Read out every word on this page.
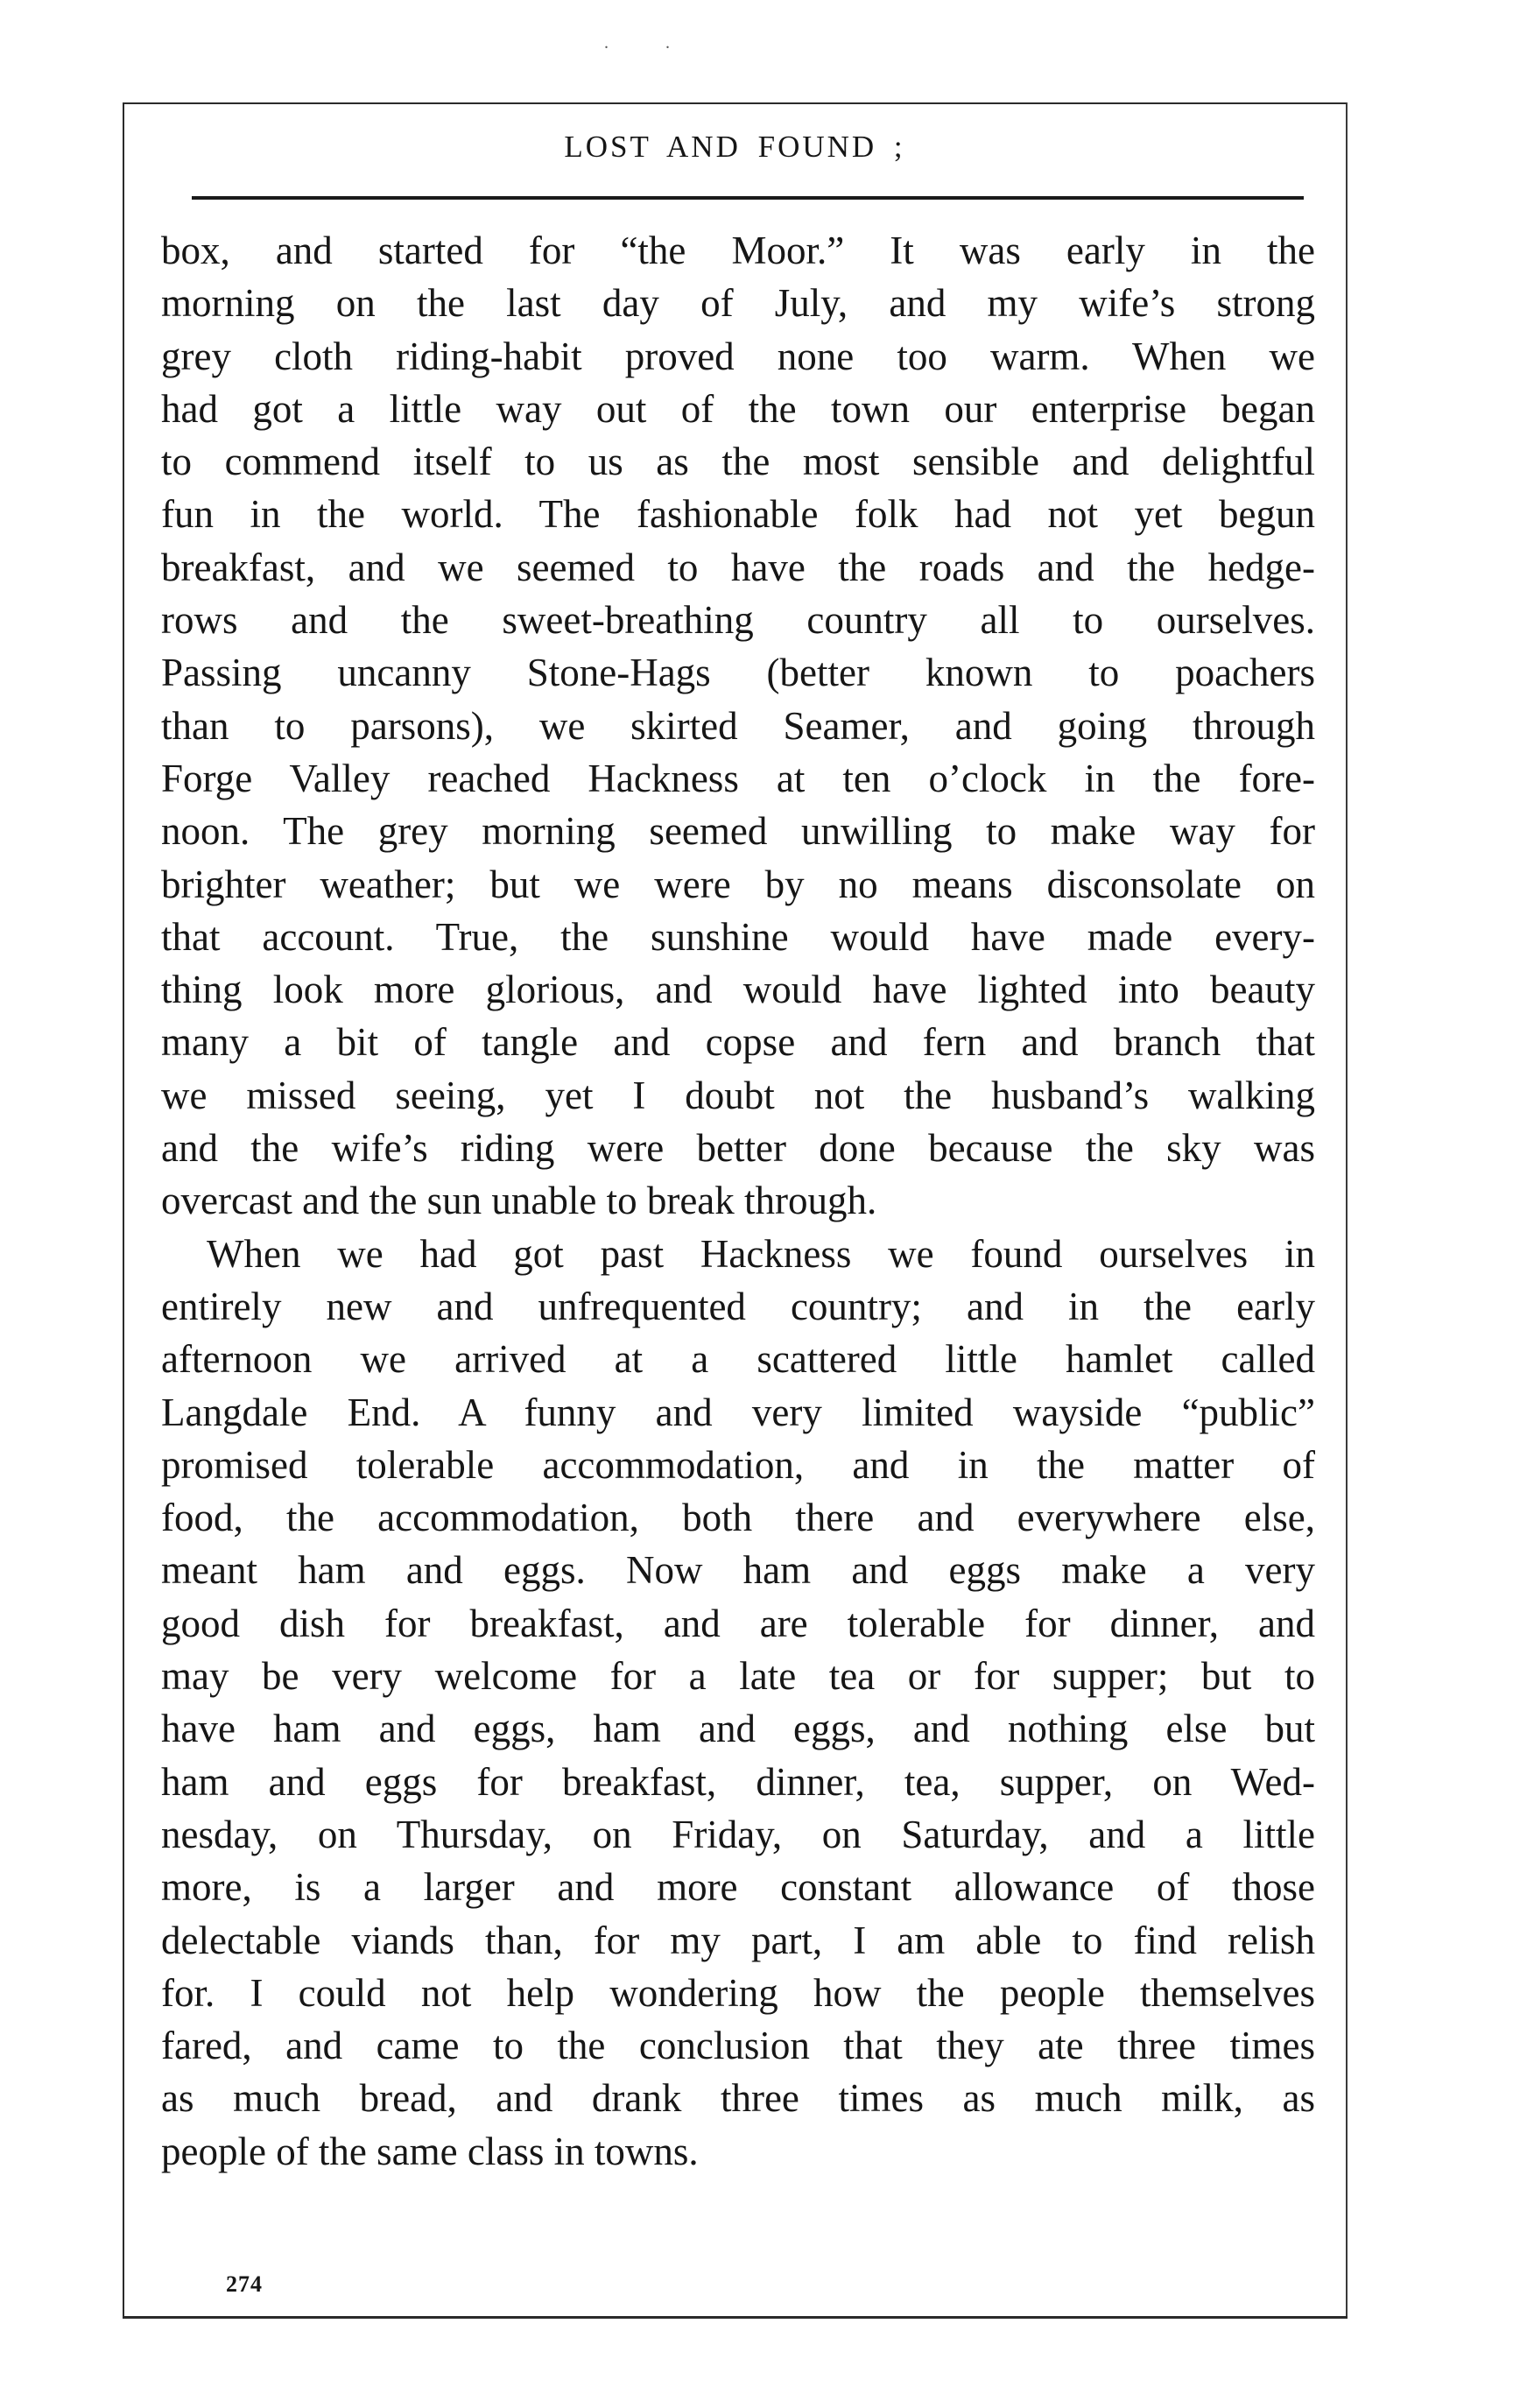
. .
LOST AND FOUND ;
box, and started for “the Moor.” It was early in the
morning on the last day of July, and my wife’s strong
grey cloth riding-habit proved none too warm. When we
had got a little way out of the town our enterprise began
to commend itself to us as the most sensible and delightful
fun in the world. The fashionable folk had not yet begun
breakfast, and we seemed to have the roads and the hedge-
rows and the sweet-breathing country all to ourselves.
Passing uncanny Stone-Hags (better known to poachers
than to parsons), we skirted Seamer, and going through
Forge Valley reached Hackness at ten o’clock in the fore-
noon. The grey morning seemed unwilling to make way for
brighter weather; but we were by no means disconsolate on
that account. True, the sunshine would have made every-
thing look more glorious, and would have lighted into beauty
many a bit of tangle and copse and fern and branch that
we missed seeing, yet I doubt not the husband’s walking
and the wife’s riding were better done because the sky was
overcast and the sun unable to break through.
When we had got past Hackness we found ourselves in
entirely new and unfrequented country; and in the early
afternoon we arrived at a scattered little hamlet called
Langdale End. A funny and very limited wayside “public”
promised tolerable accommodation, and in the matter of
food, the accommodation, both there and everywhere else,
meant ham and eggs. Now ham and eggs make a very
good dish for breakfast, and are tolerable for dinner, and
may be very welcome for a late tea or for supper; but to
have ham and eggs, ham and eggs, and nothing else but
ham and eggs for breakfast, dinner, tea, supper, on Wed-
nesday, on Thursday, on Friday, on Saturday, and a little
more, is a larger and more constant allowance of those
delectable viands than, for my part, I am able to find relish
for. I could not help wondering how the people themselves
fared, and came to the conclusion that they ate three times
as much bread, and drank three times as much milk, as
people of the same class in towns.
274
